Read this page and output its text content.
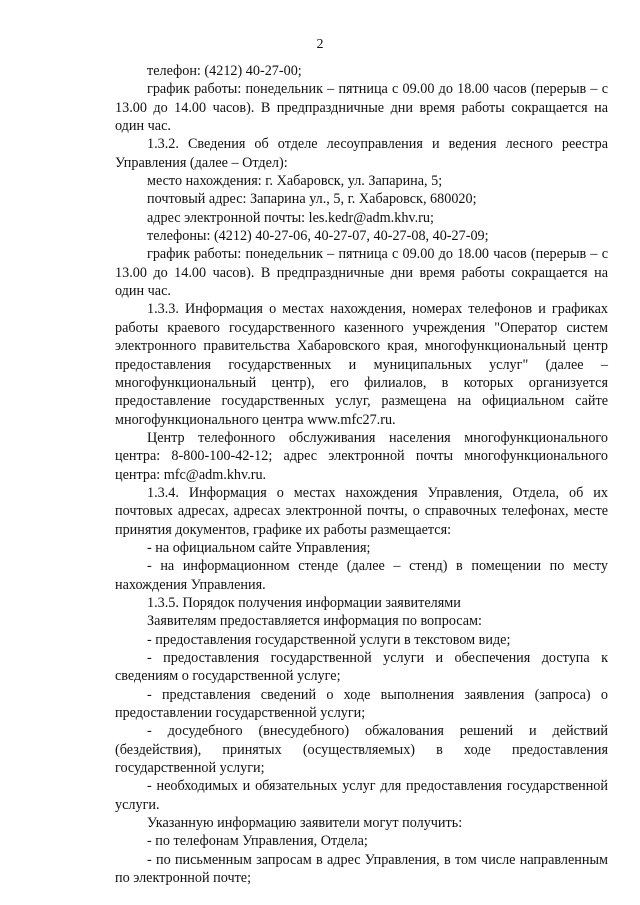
2

телефон: (4212) 40-27-00;

график работы: понедельник – пятница с 09.00 до 18.00 часов (перерыв – с 13.00 до 14.00 часов). В предпраздничные дни время работы сокращается на один час.

1.3.2. Сведения об отделе лесоуправления и ведения лесного реестра Управления (далее – Отдел):

место нахождения: г. Хабаровск, ул. Запарина, 5;

почтовый адрес: Запарина ул., 5, г. Хабаровск, 680020;

адрес электронной почты: les.kedr@adm.khv.ru;

телефоны: (4212) 40-27-06, 40-27-07, 40-27-08, 40-27-09;

график работы: понедельник – пятница с 09.00 до 18.00 часов (перерыв – с 13.00 до 14.00 часов). В предпраздничные дни время работы сокращается на один час.

1.3.3. Информация о местах нахождения, номерах телефонов и графиках работы краевого государственного казенного учреждения "Оператор систем электронного правительства Хабаровского края, многофункциональный центр предоставления государственных и муниципальных услуг" (далее – многофункциональный центр), его филиалов, в которых организуется предоставление государственных услуг, размещена на официальном сайте многофункционального центра www.mfc27.ru.

Центр телефонного обслуживания населения многофункционального центра: 8-800-100-42-12; адрес электронной почты многофункционального центра: mfc@adm.khv.ru.

1.3.4. Информация о местах нахождения Управления, Отдела, об их почтовых адресах, адресах электронной почты, о справочных телефонах, месте принятия документов, графике их работы размещается:

- на официальном сайте Управления;

- на информационном стенде (далее – стенд) в помещении по месту нахождения Управления.

1.3.5. Порядок получения информации заявителями

Заявителям предоставляется информация по вопросам:

- предоставления государственной услуги в текстовом виде;

- предоставления государственной услуги и обеспечения доступа к сведениям о государственной услуге;

- представления сведений о ходе выполнения заявления (запроса) о предоставлении государственной услуги;

- досудебного (внесудебного) обжалования решений и действий (бездействия), принятых (осуществляемых) в ходе предоставления государственной услуги;

- необходимых и обязательных услуг для предоставления государственной услуги.

Указанную информацию заявители могут получить:

- по телефонам Управления, Отдела;

- по письменным запросам в адрес Управления, в том числе направленным по электронной почте;
